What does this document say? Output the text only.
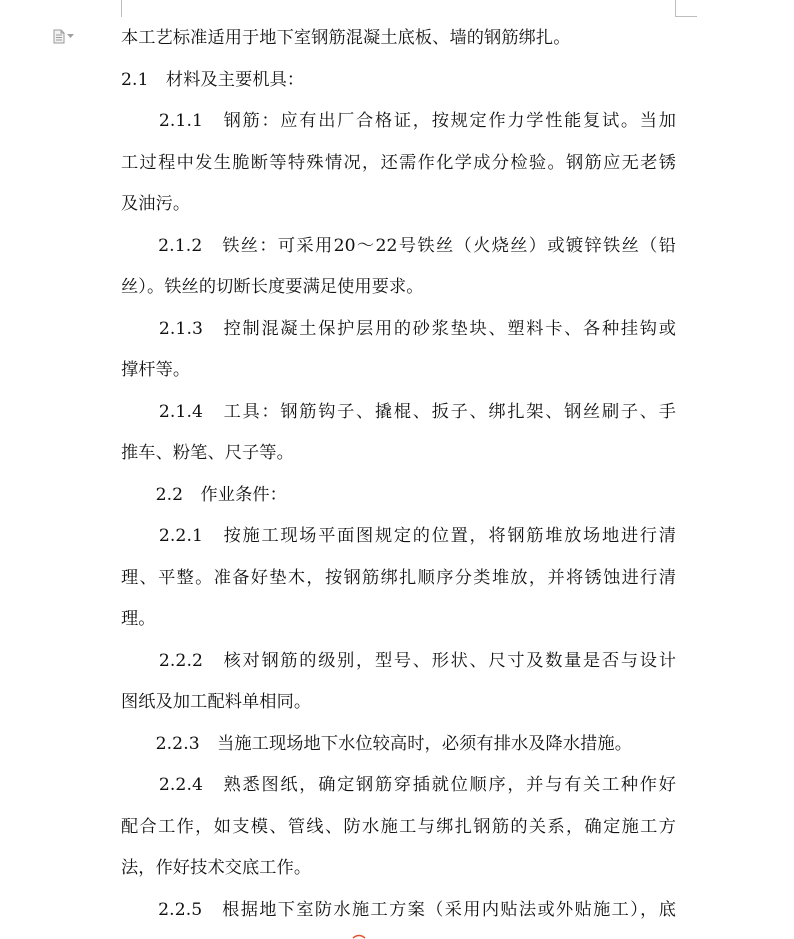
本工艺标准适用于地下室钢筋混凝土底板、墙的钢筋绑扎。
2.1　材料及主要机具：
　　2.1.1　钢筋：应有出厂合格证，按规定作力学性能复试。当加
工过程中发生脆断等特殊情况，还需作化学成分检验。钢筋应无老锈
及油污。
　　2.1.2　铁丝：可采用20～22号铁丝（火烧丝）或镀锌铁丝（铅
丝）。铁丝的切断长度要满足使用要求。
　　2.1.3　控制混凝土保护层用的砂浆垫块、塑料卡、各种挂钩或
撑杆等。
　　2.1.4　工具：钢筋钩子、撬棍、扳子、绑扎架、钢丝刷子、手
推车、粉笔、尺子等。
　　2.2　作业条件：
　　2.2.1　按施工现场平面图规定的位置，将钢筋堆放场地进行清
理、平整。准备好垫木，按钢筋绑扎顺序分类堆放，并将锈蚀进行清
理。
　　2.2.2　核对钢筋的级别，型号、形状、尺寸及数量是否与设计
图纸及加工配料单相同。
　　2.2.3　当施工现场地下水位较高时，必须有排水及降水措施。
　　2.2.4　熟悉图纸，确定钢筋穿插就位顺序，并与有关工种作好
配合工作，如支模、管线、防水施工与绑扎钢筋的关系，确定施工方
法，作好技术交底工作。
　　2.2.5　根据地下室防水施工方案（采用内贴法或外贴施工），底
